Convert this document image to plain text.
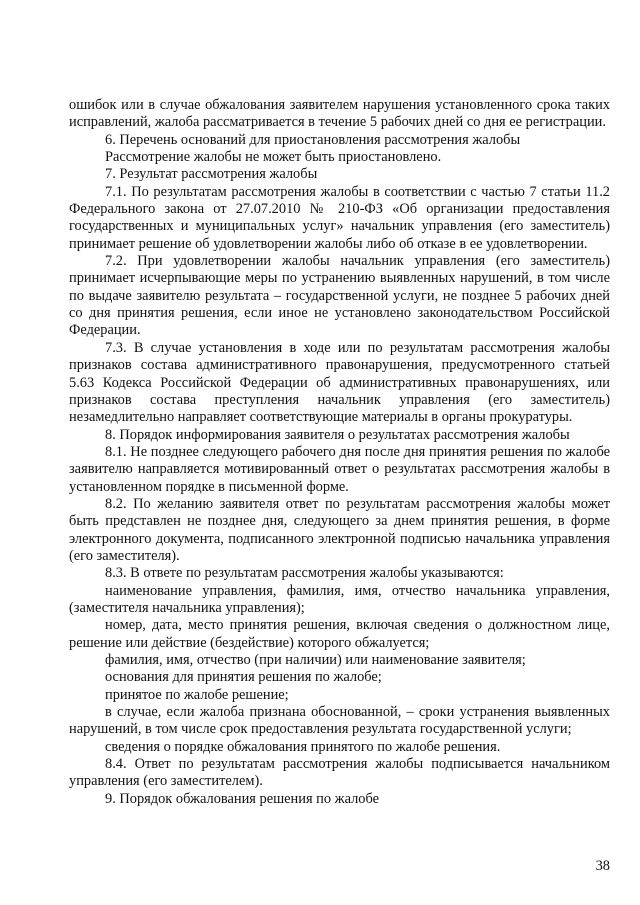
ошибок или в случае обжалования заявителем нарушения установленного срока таких исправлений, жалоба рассматривается в течение 5 рабочих дней со дня ее регистрации.

6. Перечень оснований для приостановления рассмотрения жалобы

Рассмотрение жалобы не может быть приостановлено.

7. Результат рассмотрения жалобы

7.1. По результатам рассмотрения жалобы в соответствии с частью 7 статьи 11.2 Федерального закона от 27.07.2010 № 210-ФЗ «Об организации предоставления государственных и муниципальных услуг» начальник управления (его заместитель) принимает решение об удовлетворении жалобы либо об отказе в ее удовлетворении.

7.2. При удовлетворении жалобы начальник управления (его заместитель) принимает исчерпывающие меры по устранению выявленных нарушений, в том числе по выдаче заявителю результата – государственной услуги, не позднее 5 рабочих дней со дня принятия решения, если иное не установлено законодательством Российской Федерации.

7.3. В случае установления в ходе или по результатам рассмотрения жалобы признаков состава административного правонарушения, предусмотренного статьей 5.63 Кодекса Российской Федерации об административных правонарушениях, или признаков состава преступления начальник управления (его заместитель) незамедлительно направляет соответствующие материалы в органы прокуратуры.

8. Порядок информирования заявителя о результатах рассмотрения жалобы

8.1. Не позднее следующего рабочего дня после дня принятия решения по жалобе заявителю направляется мотивированный ответ о результатах рассмотрения жалобы в установленном порядке в письменной форме.

8.2. По желанию заявителя ответ по результатам рассмотрения жалобы может быть представлен не позднее дня, следующего за днем принятия решения, в форме электронного документа, подписанного электронной подписью начальника управления (его заместителя).

8.3. В ответе по результатам рассмотрения жалобы указываются:

наименование управления, фамилия, имя, отчество начальника управления, (заместителя начальника управления);

номер, дата, место принятия решения, включая сведения о должностном лице, решение или действие (бездействие) которого обжалуется;

фамилия, имя, отчество (при наличии) или наименование заявителя;

основания для принятия решения по жалобе;

принятое по жалобе решение;

в случае, если жалоба признана обоснованной, – сроки устранения выявленных нарушений, в том числе срок предоставления результата государственной услуги;

сведения о порядке обжалования принятого по жалобе решения.

8.4. Ответ по результатам рассмотрения жалобы подписывается начальником управления (его заместителем).

9. Порядок обжалования решения по жалобе

38
